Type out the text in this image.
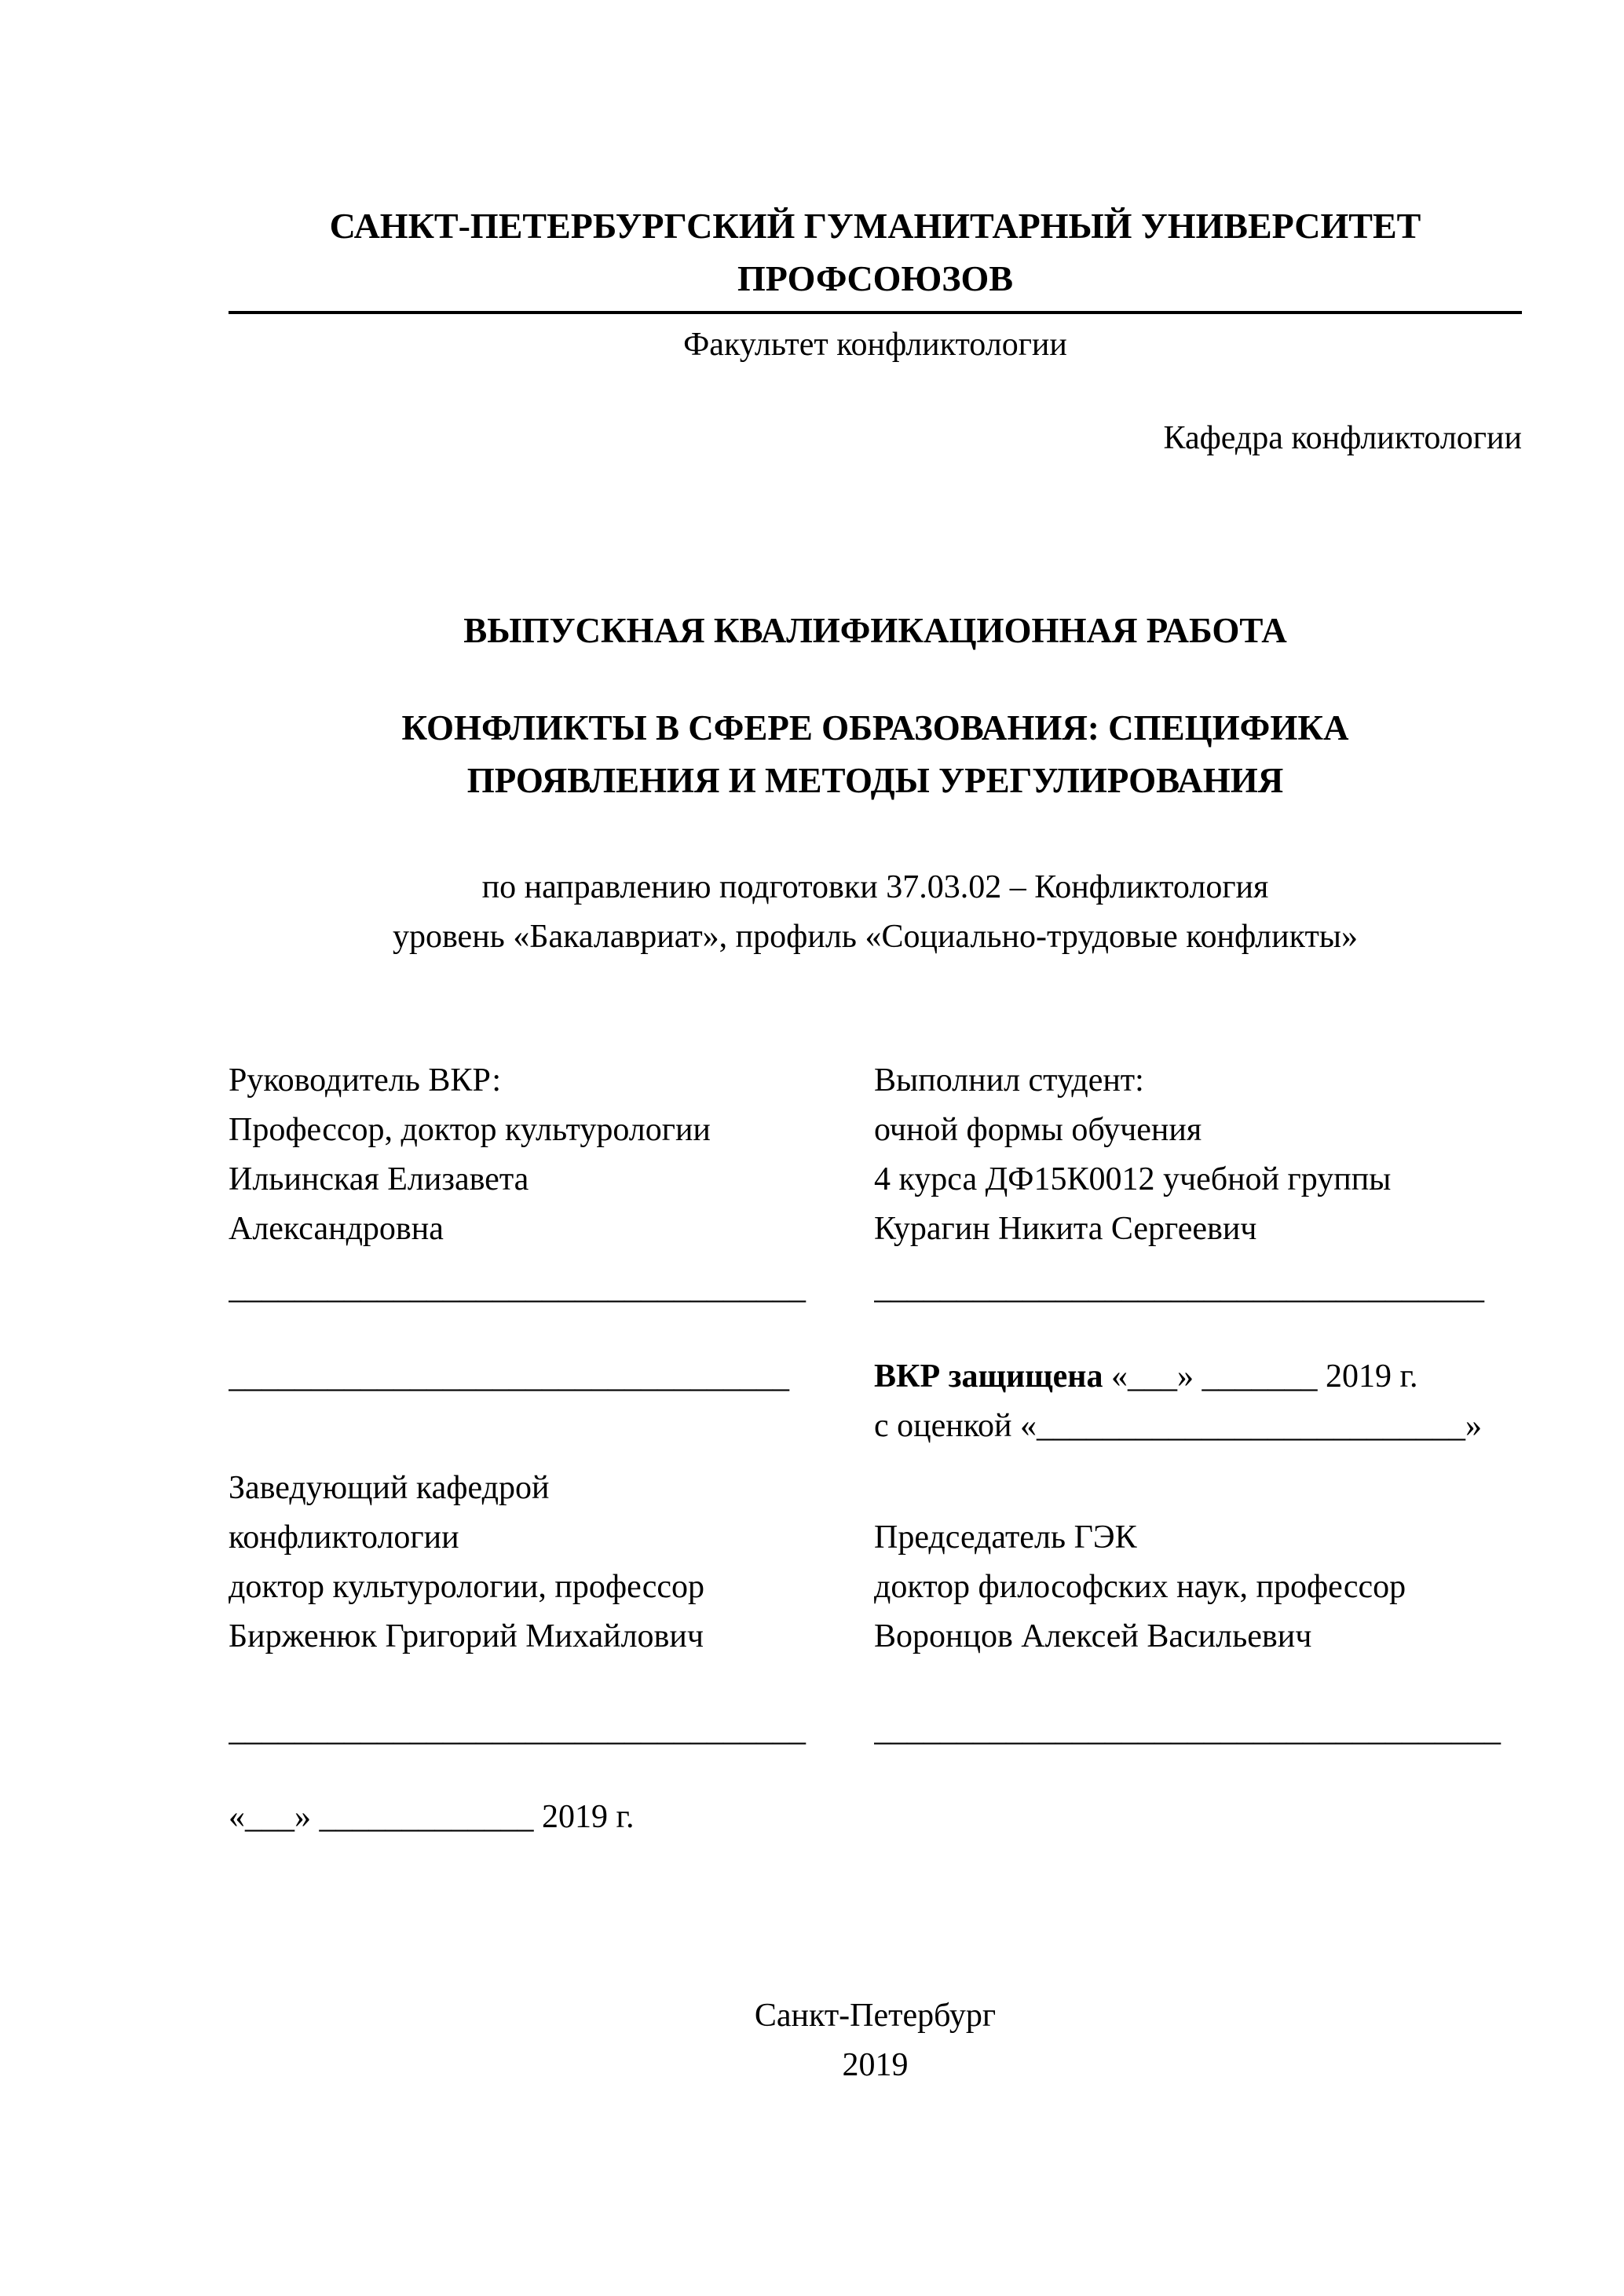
САНКТ-ПЕТЕРБУРГСКИЙ ГУМАНИТАРНЫЙ УНИВЕРСИТЕТ
ПРОФСОЮЗОВ
Факультет конфликтологии
Кафедра конфликтологии
ВЫПУСКНАЯ КВАЛИФИКАЦИОННАЯ РАБОТА
КОНФЛИКТЫ В СФЕРЕ ОБРАЗОВАНИЯ: СПЕЦИФИКА
ПРОЯВЛЕНИЯ И МЕТОДЫ УРЕГУЛИРОВАНИЯ
по направлению подготовки 37.03.02 – Конфликтология
уровень «Бакалавриат», профиль «Социально-трудовые конфликты»
Руководитель ВКР:
Профессор, доктор культурологии
Ильинская Елизавета
Александровна
Выполнил студент:
очной формы обучения
4 курса ДФ15К0012 учебной группы
Курагин Никита Сергеевич
___________________________________	_____________________________________
__________________________________	ВКР защищена «___» _______ 2019 г.
с оценкой «__________________________»
Заведующий кафедрой
конфликтологии
доктор культурологии, профессор
Бирженюк Григорий Михайлович
Председатель ГЭК
доктор философских наук, профессор
Воронцов Алексей Васильевич
___________________________________	______________________________________
«___» _____________ 2019 г.
Санкт-Петербург
2019
